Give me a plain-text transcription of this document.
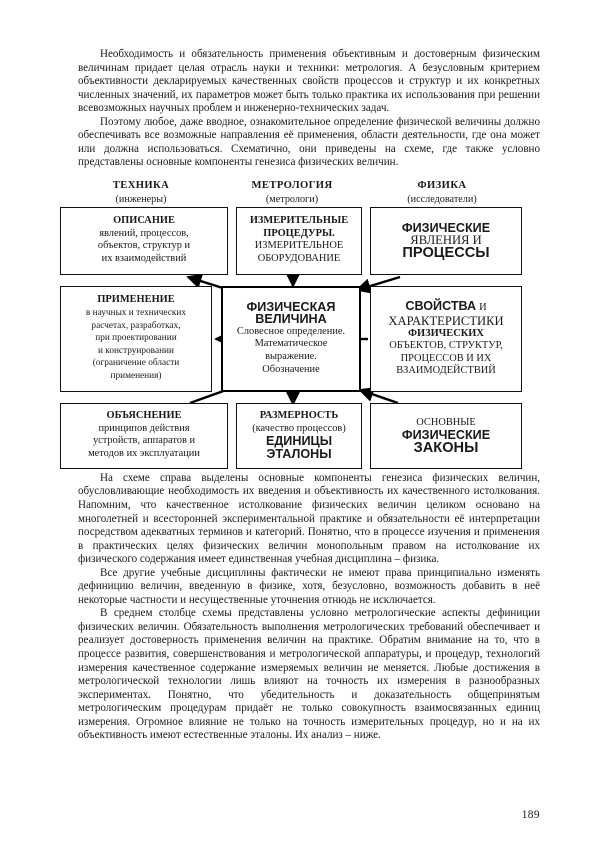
Необходимость и обязательность применения объективным и достоверным физическим величинам придает целая отрасль науки и техники: метрология. А безусловным критерием объективности декларируемых качественных свойств процессов и структур и их конкретных численных значений, их параметров может быть только практика их использования при решении всевозможных научных проблем и инженерно-технических задач.

Поэтому любое, даже вводное, ознакомительное определение физической величины должно обеспечивать все возможные направления её применения, области деятельности, где она может или должна использоваться. Схематично, они приведены на схеме, где также условно представлены основные компоненты генезиса физических величин.

ТЕХНИКА
(инженеры)
МЕТРОЛОГИЯ
(метрологи)
ФИЗИКА
(исследователи)
ОПИСАНИЕ
явлений, процессов,
объектов, структур и
их взаимодействий
ИЗМЕРИТЕЛЬНЫЕ
ПРОЦЕДУРЫ.
ИЗМЕРИТЕЛЬНОЕ
ОБОРУДОВАНИЕ
ФИЗИЧЕСКИЕ
ЯВЛЕНИЯ И
ПРОЦЕССЫ
ПРИМЕНЕНИЕ
в научных и технических
расчетах, разработках,
при проектировании
и конструировании
(ограничение области
применения)
ФИЗИЧЕСКАЯ
ВЕЛИЧИНА
Словесное определение.
Математическое
выражение.
Обозначение
СВОЙСТВА И
ХАРАКТЕРИСТИКИ
ФИЗИЧЕСКИХ
ОБЪЕКТОВ, СТРУКТУР,
ПРОЦЕССОВ И ИХ
ВЗАИМОДЕЙСТВИЙ
ОБЪЯСНЕНИЕ
принципов действия
устройств, аппаратов и
методов их эксплуатации
РАЗМЕРНОСТЬ
(качество процессов)
ЕДИНИЦЫ
ЭТАЛОНЫ
ОСНОВНЫЕ
ФИЗИЧЕСКИЕ
ЗАКОНЫ

На схеме справа выделены основные компоненты генезиса физических величин, обусловливающие необходимость их введения и объективность их качественного истолкования. Напомним, что качественное истолкование физических величин целиком основано на многолетней и всесторонней экспериментальной практике и обязательности её интерпретации посредством адекватных терминов и категорий. Понятно, что в процессе изучения и применения в практических целях физических величин монопольным правом на истолкование их физического содержания имеет единственная учебная дисциплина – физика.

Все другие учебные дисциплины фактически не имеют права принципиально изменять дефиницию величин, введенную в физике, хотя, безусловно, возможность добавить в неё некоторые частности и несущественные уточнения отнюдь не исключается.

В среднем столбце схемы представлены условно метрологические аспекты дефиниции физических величин. Обязательность выполнения метрологических требований обеспечивает и реализует достоверность применения величин на практике. Обратим внимание на то, что в процессе развития, совершенствования и метрологической аппаратуры, и процедур, технологий измерения качественное содержание измеряемых величин не меняется. Любые достижения в метрологической технологии лишь влияют на точность их измерения в разнообразных экспериментах. Понятно, что убедительность и доказательность общепринятым метрологическим процедурам придаёт не только совокупность взаимосвязанных единиц измерения. Огромное влияние не только на точность измерительных процедур, но и на их объективность имеют естественные эталоны. Их анализ – ниже.

189
